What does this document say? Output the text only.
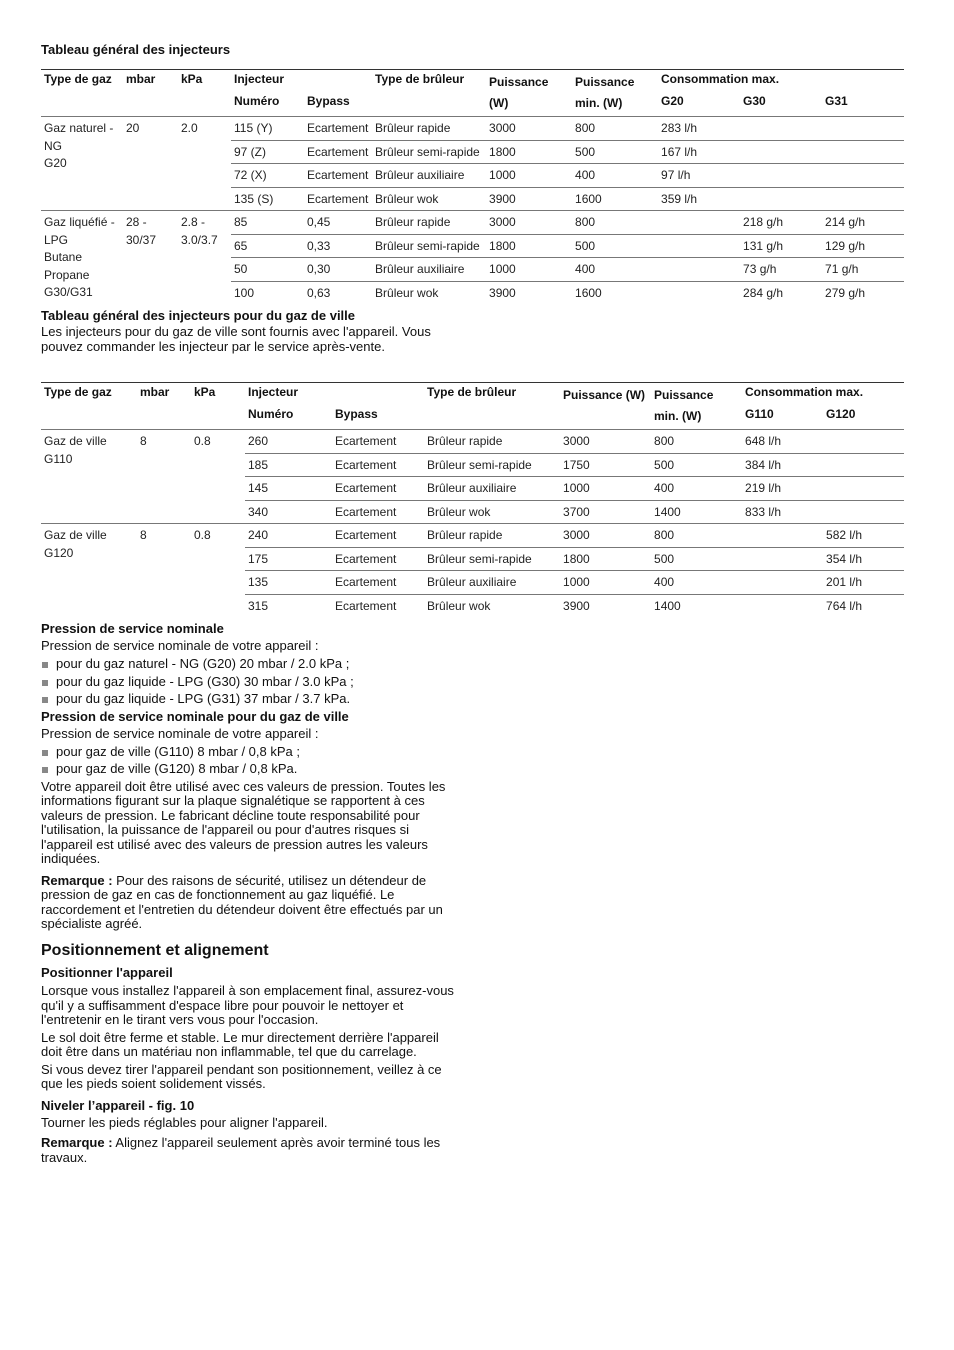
Tableau général des injecteurs
Type de gaz	mbar	kPa	Injecteur		Type de brûleur	Puissance (W)	Puissance min. (W)	Consommation max.		
			Numéro	Bypass				G20	G30	G31
Gaz naturel - NG
G20	20	2.0	115 (Y)	Ecartement	Brûleur rapide	3000	800	283 l/h		
			97 (Z)	Ecartement	Brûleur semi-rapide	1800	500	167 l/h		
			72 (X)	Ecartement	Brûleur auxiliaire	1000	400	97 l/h		
			135 (S)	Ecartement	Brûleur wok	3900	1600	359 l/h		
Gaz liquéfié - LPG
Butane
Propane
G30/G31	28 - 30/37	2.8 - 3.0/3.7	85	0,45	Brûleur rapide	3000	800		218 g/h	214 g/h
			65	0,33	Brûleur semi-rapide	1800	500		131 g/h	129 g/h
			50	0,30	Brûleur auxiliaire	1000	400		73 g/h	71 g/h
			100	0,63	Brûleur wok	3900	1600		284 g/h	279 g/h
Tableau général des injecteurs pour du gaz de ville
Les injecteurs pour du gaz de ville sont fournis avec l'appareil. Vous pouvez commander les injecteur par le service après-vente.
Type de gaz	mbar	kPa	Injecteur		Type de brûleur	Puissance (W)	Puissance min. (W)	Consommation max.	
			Numéro	Bypass				G110	G120
Gaz de ville
G110	8	0.8	260	Ecartement	Brûleur rapide	3000	800	648 l/h	
			185	Ecartement	Brûleur semi-rapide	1750	500	384 l/h	
			145	Ecartement	Brûleur auxiliaire	1000	400	219 l/h	
			340	Ecartement	Brûleur wok	3700	1400	833 l/h	
Gaz de ville
G120	8	0.8	240	Ecartement	Brûleur rapide	3000	800		582 l/h
			175	Ecartement	Brûleur semi-rapide	1800	500		354 l/h
			135	Ecartement	Brûleur auxiliaire	1000	400		201 l/h
			315	Ecartement	Brûleur wok	3900	1400		764 l/h
Pression de service nominale
Pression de service nominale de votre appareil :
pour du gaz naturel - NG (G20) 20 mbar / 2.0 kPa ;
pour du gaz liquide - LPG (G30) 30 mbar / 3.0 kPa ;
pour du gaz liquide - LPG (G31) 37 mbar / 3.7 kPa.
Pression de service nominale pour du gaz de ville
Pression de service nominale de votre appareil :
pour gaz de ville (G110) 8 mbar / 0,8 kPa ;
pour gaz de ville (G120) 8 mbar / 0,8 kPa.
Votre appareil doit être utilisé avec ces valeurs de pression. Toutes les informations figurant sur la plaque signalétique se rapportent à ces valeurs de pression. Le fabricant décline toute responsabilité pour l'utilisation, la puissance de l'appareil ou pour d'autres risques si l'appareil est utilisé avec des valeurs de pression autres les valeurs indiquées.
Remarque : Pour des raisons de sécurité, utilisez un détendeur de pression de gaz en cas de fonctionnement au gaz liquéfié. Le raccordement et l'entretien du détendeur doivent être effectués par un spécialiste agréé.
Positionnement et alignement
Positionner l'appareil
Lorsque vous installez l'appareil à son emplacement final, assurez-vous qu'il y a suffisamment d'espace libre pour pouvoir le nettoyer et l'entretenir en le tirant vers vous pour l'occasion.
Le sol doit être ferme et stable. Le mur directement derrière l'appareil doit être dans un matériau non inflammable, tel que du carrelage.
Si vous devez tirer l'appareil pendant son positionnement, veillez à ce que les pieds soient solidement vissés.
Niveler l’appareil - fig. 10
Tourner les pieds réglables pour aligner l'appareil.
Remarque : Alignez l'appareil seulement après avoir terminé tous les travaux.
